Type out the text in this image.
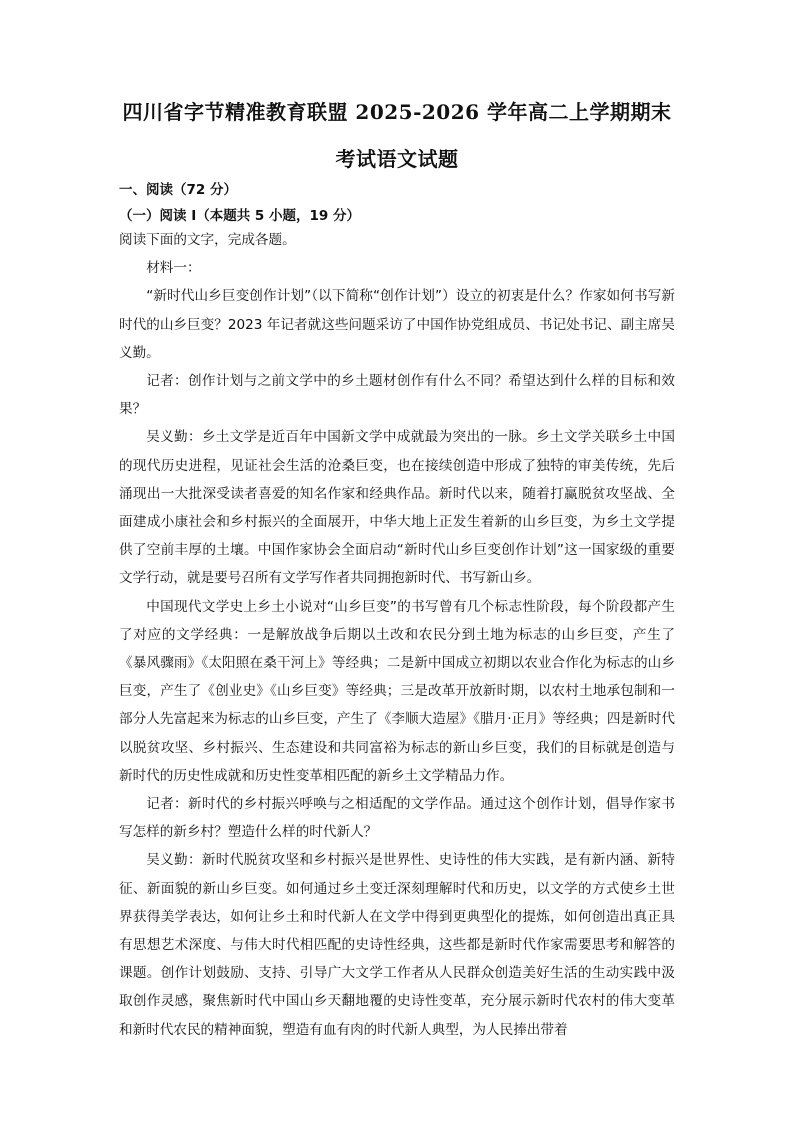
四川省字节精准教育联盟 2025-2026 学年高二上学期期末
考试语文试题
一、阅读（72 分）
（一）阅读 I（本题共 5 小题，19 分）

阅读下面的文字，完成各题。

材料一：

“新时代山乡巨变创作计划”（以下简称“创作计划”）设立的初衷是什么？作家如何书写新时代的山乡巨变？2023 年记者就这些问题采访了中国作协党组成员、书记处书记、副主席吴义勤。

记者：创作计划与之前文学中的乡土题材创作有什么不同？希望达到什么样的目标和效果？

吴义勤：乡土文学是近百年中国新文学中成就最为突出的一脉。乡土文学关联乡土中国的现代历史进程，见证社会生活的沧桑巨变，也在接续创造中形成了独特的审美传统，先后涌现出一大批深受读者喜爱的知名作家和经典作品。新时代以来，随着打赢脱贫攻坚战、全面建成小康社会和乡村振兴的全面展开，中华大地上正发生着新的山乡巨变，为乡土文学提供了空前丰厚的土壤。中国作家协会全面启动“新时代山乡巨变创作计划”这一国家级的重要文学行动，就是要号召所有文学写作者共同拥抱新时代、书写新山乡。

中国现代文学史上乡土小说对“山乡巨变”的书写曾有几个标志性阶段，每个阶段都产生了对应的文学经典：一是解放战争后期以土改和农民分到土地为标志的山乡巨变，产生了《暴风骤雨》《太阳照在桑干河上》等经典；二是新中国成立初期以农业合作化为标志的山乡巨变，产生了《创业史》《山乡巨变》等经典；三是改革开放新时期，以农村土地承包制和一部分人先富起来为标志的山乡巨变，产生了《李顺大造屋》《腊月·正月》等经典；四是新时代以脱贫攻坚、乡村振兴、生态建设和共同富裕为标志的新山乡巨变，我们的目标就是创造与新时代的历史性成就和历史性变革相匹配的新乡土文学精品力作。

记者：新时代的乡村振兴呼唤与之相适配的文学作品。通过这个创作计划，倡导作家书写怎样的新乡村？塑造什么样的时代新人？

吴义勤：新时代脱贫攻坚和乡村振兴是世界性、史诗性的伟大实践，是有新内涵、新特征、新面貌的新山乡巨变。如何通过乡土变迁深刻理解时代和历史，以文学的方式使乡土世界获得美学表达，如何让乡土和时代新人在文学中得到更典型化的提炼，如何创造出真正具有思想艺术深度、与伟大时代相匹配的史诗性经典，这些都是新时代作家需要思考和解答的课题。创作计划鼓励、支持、引导广大文学工作者从人民群众创造美好生活的生动实践中汲取创作灵感，聚焦新时代中国山乡天翻地覆的史诗性变革，充分展示新时代农村的伟大变革和新时代农民的精神面貌，塑造有血有肉的时代新人典型，为人民捧出带着
